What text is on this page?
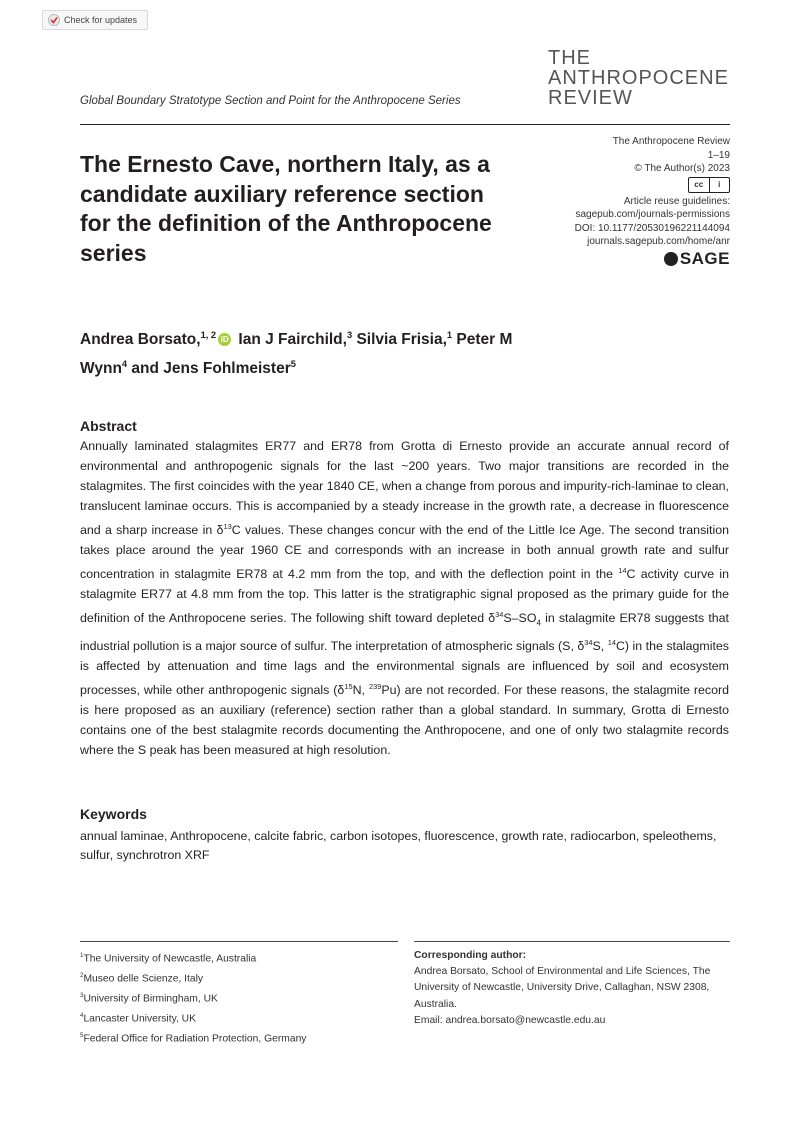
Check for updates
THE
ANTHROPOCENE
REVIEW
Global Boundary Stratotype Section and Point for the Anthropocene Series
The Anthropocene Review
1–19
© The Author(s) 2023
cc	i
Article reuse guidelines:
sagepub.com/journals-permissions
DOI: 10.1177/20530196221144094
journals.sagepub.com/home/anr
SAGE
The Ernesto Cave, northern Italy, as a candidate auxiliary reference section for the definition of the Anthropocene series
Andrea Borsato,$^{1, 2}$ iD Ian J Fairchild,$^3$ Silvia Frisia,$^1$ Peter M Wynn$^4$ and Jens Fohlmeister$^5$
Abstract
Annually laminated stalagmites ER77 and ER78 from Grotta di Ernesto provide an accurate annual record of environmental and anthropogenic signals for the last ~200 years. Two major transitions are recorded in the stalagmites. The first coincides with the year 1840 CE, when a change from porous and impurity-rich-laminae to clean, translucent laminae occurs. This is accompanied by a steady increase in the growth rate, a decrease in fluorescence and a sharp increase in $\delta^{13}C$ values. These changes concur with the end of the Little Ice Age. The second transition takes place around the year 1960 CE and corresponds with an increase in both annual growth rate and sulfur concentration in stalagmite ER78 at 4.2 mm from the top, and with the deflection point in the $^{14}$C activity curve in stalagmite ER77 at 4.8 mm from the top. This latter is the stratigraphic signal proposed as the primary guide for the definition of the Anthropocene series. The following shift toward depleted $\delta^{34}S-SO_4$ in stalagmite ER78 suggests that industrial pollution is a major source of sulfur. The interpretation of atmospheric signals (S, $\delta^{34}S$, $^{14}$C) in the stalagmites is affected by attenuation and time lags and the environmental signals are influenced by soil and ecosystem processes, while other anthropogenic signals ($\delta^{15}N$, $^{239}$Pu) are not recorded. For these reasons, the stalagmite record is here proposed as an auxiliary (reference) section rather than a global standard. In summary, Grotta di Ernesto contains one of the best stalagmite records documenting the Anthropocene, and one of only two stalagmite records where the S peak has been measured at high resolution.
Keywords
annual laminae, Anthropocene, calcite fabric, carbon isotopes, fluorescence, growth rate, radiocarbon, speleothems, sulfur, synchrotron XRF
$^1$The University of Newcastle, Australia
$^2$Museo delle Scienze, Italy
$^3$University of Birmingham, UK
$^4$Lancaster University, UK
$^5$Federal Office for Radiation Protection, Germany
Corresponding author:
Andrea Borsato, School of Environmental and Life Sciences, The University of Newcastle, University Drive, Callaghan, NSW 2308, Australia.
Email: andrea.borsato@newcastle.edu.au
